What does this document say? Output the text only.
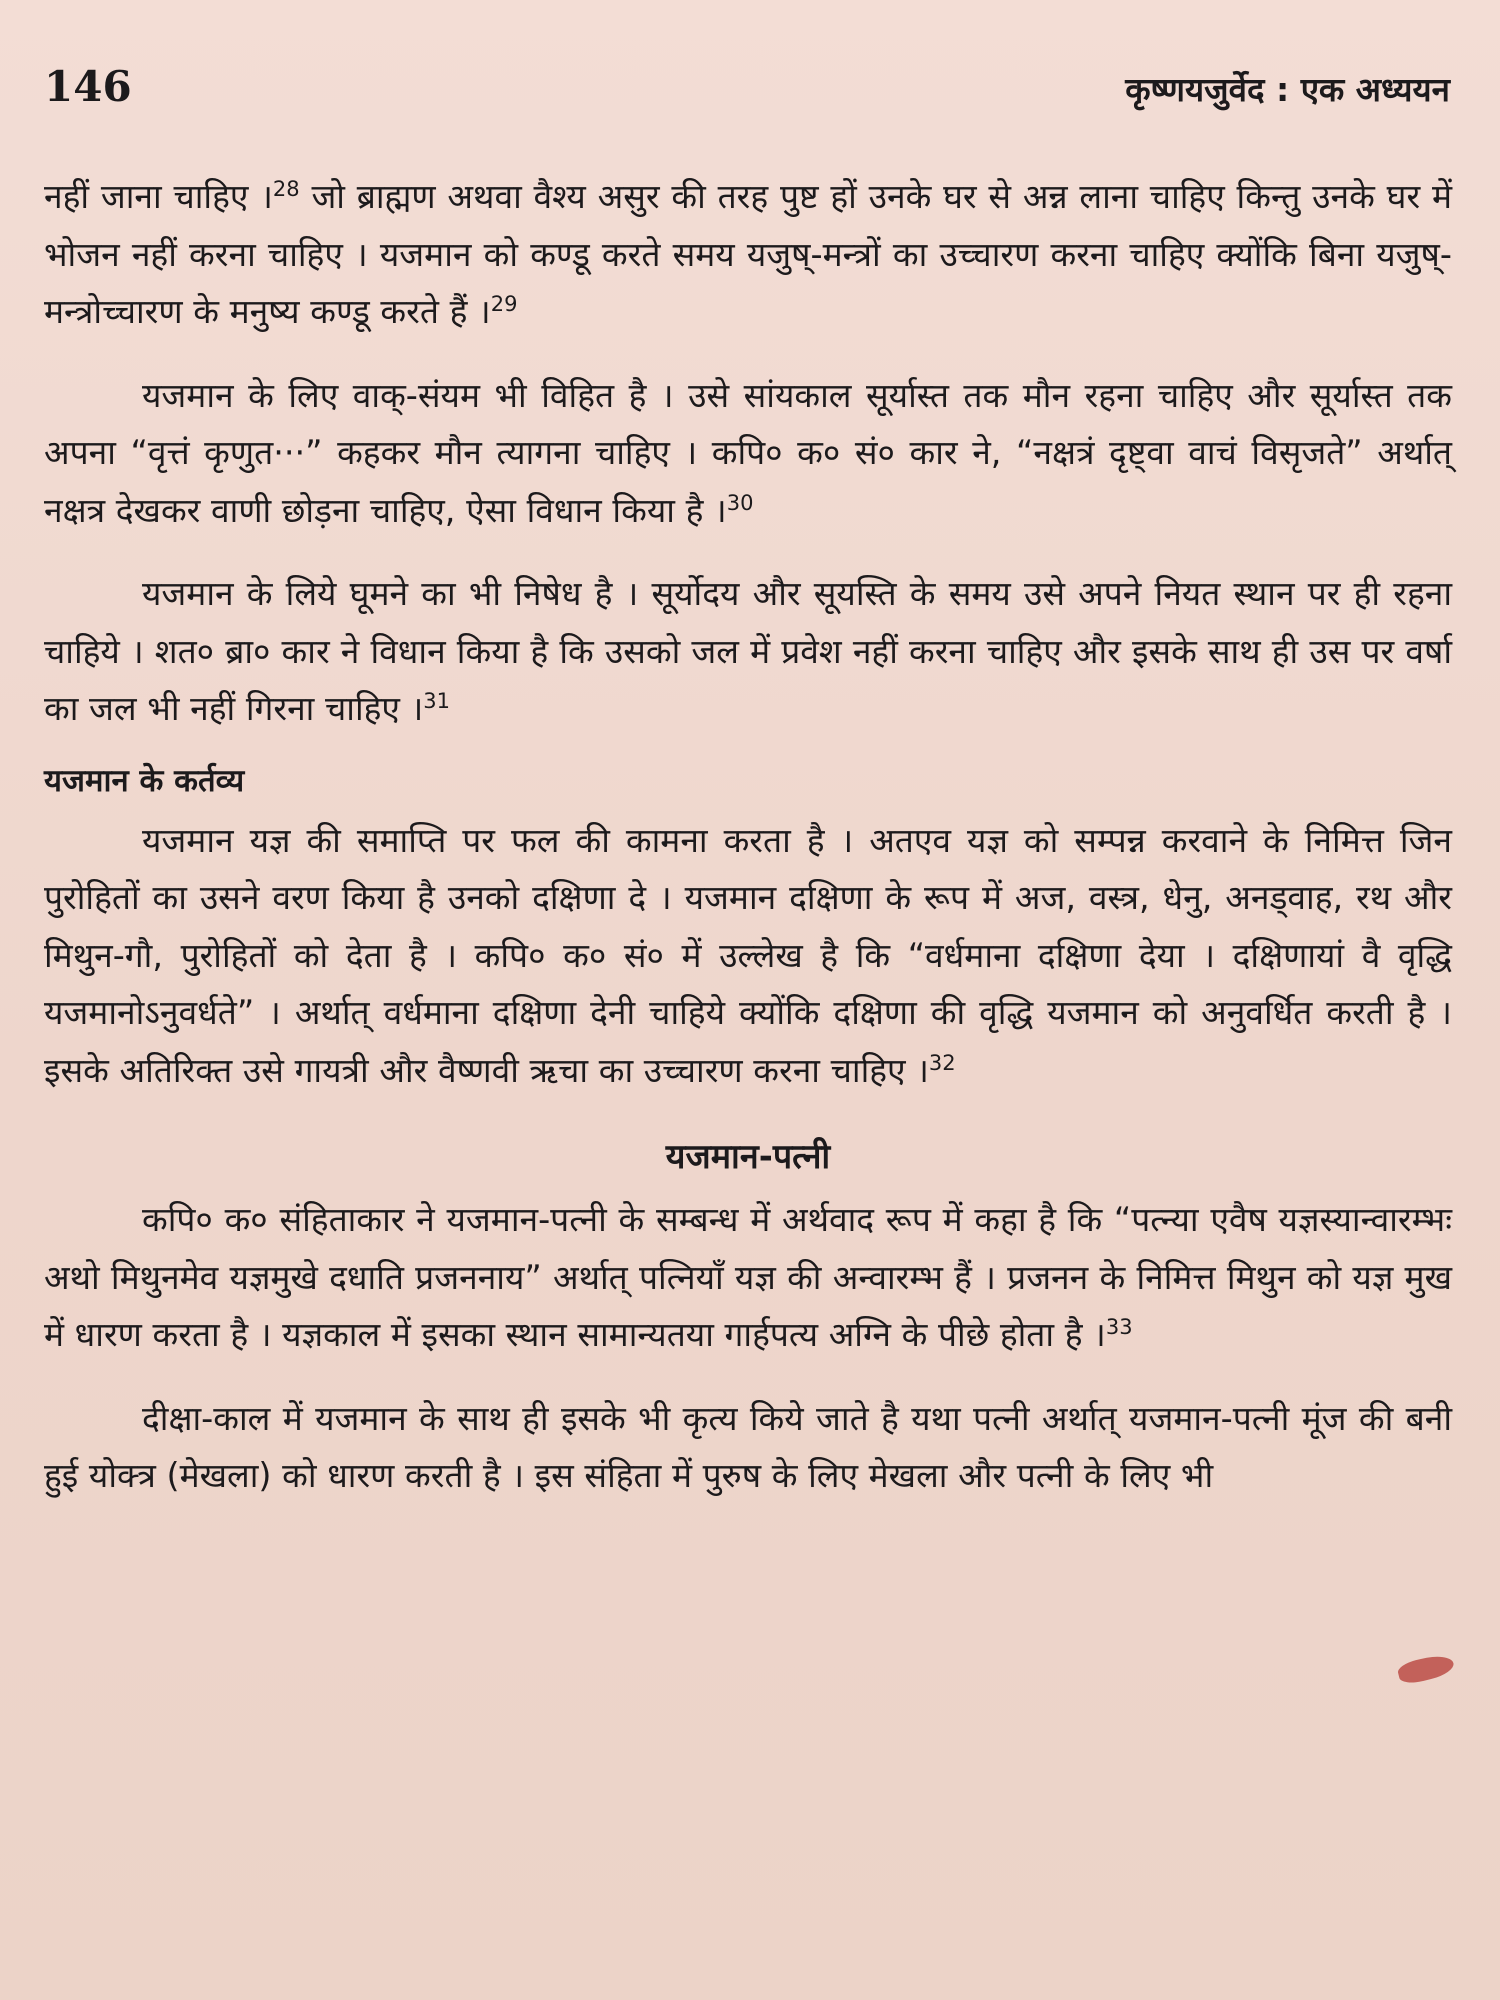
146	कृष्णयजुर्वेद : एक अध्ययन

नहीं जाना चाहिए ।$^{28}$ जो ब्राह्मण अथवा वैश्य असुर की तरह पुष्ट हों उनके घर से अन्न लाना चाहिए किन्तु उनके घर में भोजन नहीं करना चाहिए । यजमान को कण्डू करते समय यजुष्-मन्त्रों का उच्चारण करना चाहिए क्योंकि बिना यजुष्-मन्त्रोच्चारण के मनुष्य कण्डू करते हैं ।$^{29}$

यजमान के लिए वाक्-संयम भी विहित है । उसे सांयकाल सूर्यास्त तक मौन रहना चाहिए और सूर्यास्त तक अपना “वृत्तं कृणुत···” कहकर मौन त्यागना चाहिए । कपि० क० सं० कार ने, “नक्षत्रं दृष्ट्वा वाचं विसृजते” अर्थात् नक्षत्र देखकर वाणी छोड़ना चाहिए, ऐसा विधान किया है ।$^{30}$

यजमान के लिये घूमने का भी निषेध है । सूर्योदय और सूयस्ति के समय उसे अपने नियत स्थान पर ही रहना चाहिये । शत० ब्रा० कार ने विधान किया है कि उसको जल में प्रवेश नहीं करना चाहिए और इसके साथ ही उस पर वर्षा का जल भी नहीं गिरना चाहिए ।$^{31}$

यजमान के कर्तव्य

यजमान यज्ञ की समाप्ति पर फल की कामना करता है । अतएव यज्ञ को सम्पन्न करवाने के निमित्त जिन पुरोहितों का उसने वरण किया है उनको दक्षिणा दे । यजमान दक्षिणा के रूप में अज, वस्त्र, धेनु, अनड्वाह, रथ और मिथुन-गौ, पुरोहितों को देता है । कपि० क० सं० में उल्लेख है कि “वर्धमाना दक्षिणा देया । दक्षिणायां वै वृद्धि यजमानोऽनुवर्धते” । अर्थात् वर्धमाना दक्षिणा देनी चाहिये क्योंकि दक्षिणा की वृद्धि यजमान को अनुवर्धित करती है । इसके अतिरिक्त उसे गायत्री और वैष्णवी ऋचा का उच्चारण करना चाहिए ।$^{32}$

यजमान-पत्नी

कपि० क० संहिताकार ने यजमान-पत्नी के सम्बन्ध में अर्थवाद रूप में कहा है कि “पत्न्या एवैष यज्ञस्यान्वारम्भः अथो मिथुनमेव यज्ञमुखे दधाति प्रजननाय” अर्थात् पत्नियाँ यज्ञ की अन्वारम्भ हैं । प्रजनन के निमित्त मिथुन को यज्ञ मुख में धारण करता है । यज्ञकाल में इसका स्थान सामान्यतया गार्हपत्य अग्नि के पीछे होता है ।$^{33}$

दीक्षा-काल में यजमान के साथ ही इसके भी कृत्य किये जाते है यथा पत्नी अर्थात् यजमान-पत्नी मूंज की बनी हुई योक्त्र (मेखला) को धारण करती है । इस संहिता में पुरुष के लिए मेखला और पत्नी के लिए भी
